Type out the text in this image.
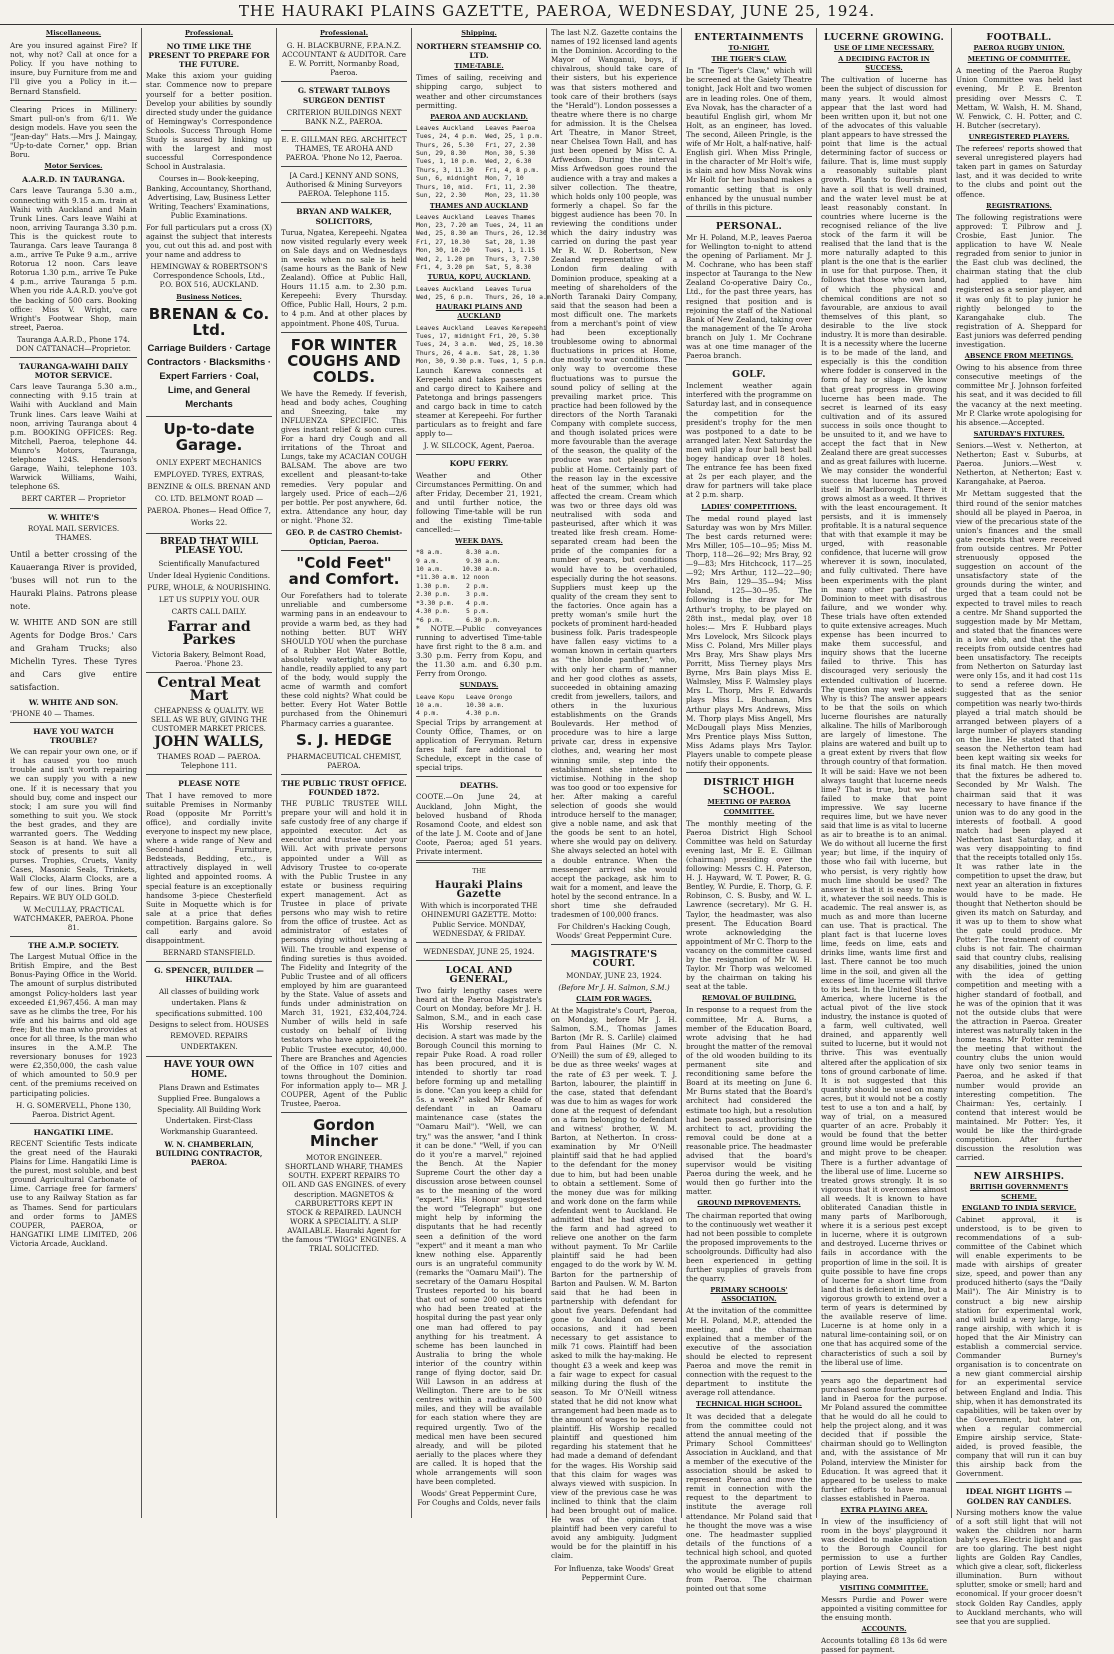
THE HAURAKI PLAINS GAZETTE, PAEROA, WEDNESDAY, JUNE 25, 1924.
Miscellaneous.

Are you insured against Fire? If not, why not? Call at once for a Policy. If you have nothing to insure, buy Furniture from me and I'll give you a Policy in it.—Bernard Stansfield.

Clearing Prices in Millinery: Smart pull-on's from 6/11. We design models. Have you seen the "Jean-day" Hats.—Mrs J. Maingay, "Up-to-date Corner," opp. Brian Boru.

Motor Services.
A.A.R.D. IN TAURANGA.

Cars leave Tauranga 5.30 a.m., connecting with 9.15 a.m. train at Waihi with Auckland and Main Trunk Lines. Cars leave Waihi at noon, arriving Tauranga 3.30 p.m. This is the quickest route to Tauranga. Cars leave Tauranga 8 a.m., arrive Te Puke 9 a.m., arrive Rotorua 12 noon. Cars leave Rotorua 1.30 p.m., arrive Te Puke 4 p.m., arrive Tauranga 5 p.m. When you ride A.A.R.D. you've got the backing of 500 cars. Booking office: Miss V. Wright, care Wright's Footwear Shop, main street, Paeroa.

Tauranga A.A.R.D., Phone 174. DON CATTANACH—Proprietor.

TAURANGA-WAIHI DAILY MOTOR SERVICE.

Cars leave Tauranga 5.30 a.m., connecting with 9.15 train at Waihi with Auckland and Main Trunk lines. Cars leave Waihi at noon, arriving Tauranga about 4 p.m. BOOKING OFFICES: Reg. Mitchell, Paeroa, telephone 44. Munro's Motors, Tauranga, telephone 124S. Henderson's Garage, Waihi, telephone 103. Warwick Williams, Waihi, telephone 6S.

BERT CARTER — Proprietor

W. WHITE'S
ROYAL MAIL SERVICES. THAMES.

Until a better crossing of the Kauaeranga River is provided, 'buses will not run to the Hauraki Plains. Patrons please note.

W. WHITE AND SON are still Agents for Dodge Bros.' Cars and Graham Trucks; also Michelin Tyres. These Tyres and Cars give entire satisfaction.

W. WHITE AND SON.

'PHONE 40 — Thames.

HAVE YOU WATCH TROUBLE?

We can repair your own one, or if it has caused you too much trouble and isn't worth repairing we can supply you with a new one. If it is necessary that you should buy, come and inspect our stock; I am sure you will find something to suit you. We stock the best grades, and they are warranted goers. The Wedding Season is at hand. We have a stock of presents to suit all purses. Trophies, Cruets, Vanity Cases, Masonic Seals, Trinkets, Wall Clocks, Alarm Clocks, are a few of our lines. Bring Your Repairs. WE BUY OLD GOLD.

W. McCULLAY, PRACTICAL WATCHMAKER, PAEROA. Phone 81.

THE A.M.P. SOCIETY.

The Largest Mutual Office in the British Empire, and the Best Bonus-Paying Office in the World. The amount of surplus distributed amongst Policy-holders last year exceeded £1,967,456. A man may save as he climbs the tree, For his wife and his bairns and old age free; But the man who provides at once for all three, Is the man who insures in the A.M.P. The reversionary bonuses for 1923 were £2,350,000, the cash value of which amounted to 50.9 per cent. of the premiums received on participating policies.

H. G. SOMERVELL, Phone 130, Paeroa. District Agent.

HANGATIKI LIME.

RECENT Scientific Tests indicate the great need of the Hauraki Plains for Lime. Hangatiki Lime is the purest, most soluble, and best ground Agricultural Carbonate of Lime. Carriage free for farmers' use to any Railway Station as far as Thames. Send for particulars and order forms to JAMES COUPER, PAEROA, or HANGATIKI LIME LIMITED, 206 Victoria Arcade, Auckland.

Professional.
NO TIME LIKE THE PRESENT TO PREPARE FOR THE FUTURE.

Make this axiom your guiding star. Commence now to prepare yourself for a better position. Develop your abilities by soundly directed study under the guidance of Hemingway's Correspondence Schools. Success Through Home Study is assured by linking up with the largest and most successful Correspondence School in Australasia.

Courses in— Book-keeping, Banking, Accountancy, Shorthand, Advertising, Law, Business Letter Writing, Teachers' Examinations, Public Examinations.

For full particulars put a cross (X) against the subject that interests you, cut out this ad. and post with your name and address to

HEMINGWAY & ROBERTSON'S Correspondence Schools, Ltd., P.O. BOX 516, AUCKLAND.

Business Notices.
BRENAN & Co. Ltd.

Carriage Builders · Cartage Contractors · Blacksmiths · Expert Farriers · Coal, Lime, and General Merchants

Up-to-date Garage.

ONLY EXPERT MECHANICS EMPLOYED. TYRES, EXTRAS, BENZINE & OILS. BRENAN AND CO. LTD. BELMONT ROAD — PAEROA. Phones— Head Office 7, Works 22.

BREAD THAT WILL PLEASE YOU.

Scientifically Manufactured Under Ideal Hygienic Conditions. PURE, WHOLE, & NOURISHING. LET US SUPPLY YOU. OUR CARTS CALL DAILY.

Farrar and Parkes

Victoria Bakery, Belmont Road, Paeroa. 'Phone 23.

Central Meat Mart

CHEAPNESS & QUALITY. WE SELL AS WE BUY, GIVING THE CUSTOMER MARKET PRICES.

JOHN WALLS,

THAMES ROAD — PAEROA. Telephone 111.

PLEASE NOTE

That I have removed to more suitable Premises in Normanby Road (opposite Mr Porritt's office), and cordially invite everyone to inspect my new place, where a wide range of New and Second-hand Furniture, Bedsteads, Bedding, etc., is attractively displayed in well lighted and appointed rooms. A special feature is an exceptionally handsome 3-piece Chesterfield Suite in Moquette which is for sale at a price that defies competition. Bargains galore. So call early and avoid disappointment.

BERNARD STANSFIELD.

G. SPENCER, BUILDER — HIKUTAIA.

All classes of building work undertaken. Plans & specifications submitted. 100 Designs to select from. HOUSES REMOVED. REPAIRS UNDERTAKEN.

HAVE YOUR OWN HOME.

Plans Drawn and Estimates Supplied Free. Bungalows a Speciality. All Building Work Undertaken. First-Class Workmanship Guaranteed.

W. N. CHAMBERLAIN, BUILDING CONTRACTOR, PAEROA.

Professional.

G. H. BLACKBURNE, F.P.A.N.Z. ACCOUNTANT & AUDITOR. Care E. W. Porritt, Normanby Road, Paeroa.

G. STEWART TALBOYS SURGEON DENTIST

CRITERION BUILDINGS NEXT BANK N.Z., PAEROA.

E. E. GILLMAN REG. ARCHITECT THAMES, TE AROHA AND PAEROA. 'Phone No 12, Paeroa.

[A Card.] KENNY AND SONS, Authorised & Mining Surveyors PAEROA. Telephone 115.

BRYAN AND WALKER, SOLICITORS,

Turua, Ngatea, Kerepeehi. Ngatea now visited regularly every week on Sale days and on Wednesdays in weeks when no sale is held (same hours as the Bank of New Zealand). Office at Public Hall, Hours 11.15 a.m. to 2.30 p.m. Kerepeehi: Every Thursday. Office, Public Hall, Hours, 2 p.m. to 4 p.m. And at other places by appointment. Phone 40S, Turua.

FOR WINTER COUGHS AND COLDS.

We have the Remedy. If feverish, head and body aches, Coughing and Sneezing, take my INFLUENZA SPECIFIC. This gives instant relief & soon cures. For a hard dry Cough and all irritations of the Throat and Lungs, take my ACACIAN COUGH BALSAM. The above are two excellent and pleasant-to-take remedies. Very popular and largely used. Price of each—2/6 per bottle. Per post anywhere, 6d. extra. Attendance any hour, day or night. 'Phone 32.

GEO. P. de CASTRO Chemist-Optician, Paeroa.

"Cold Feet" and Comfort.

Our Forefathers had to tolerate unreliable and cumbersome warming pans in an endeavour to provide a warm bed, as they had nothing better. BUT WHY SHOULD YOU when the purchase of a Rubber Hot Water Bottle, absolutely watertight, easy to handle, readily applied to any part of the body, would supply the acme of warmth and comfort these cold nights? What could be better. Every Hot Water Bottle purchased from the Ohinemuri Pharmacy carries a guarantee.

S. J. HEDGE

PHARMACEUTICAL CHEMIST, PAEROA.

THE PUBLIC TRUST OFFICE. FOUNDED 1872.

THE PUBLIC TRUSTEE WILL prepare your will and hold it in safe custody free of any charge if appointed executor. Act as executor and trustee under your Will. Act with private persons appointed under a Will as Advisory Trustee to co-operate with the Public Trustee in any estate or business requiring expert management. Act as Trustee in place of private persons who may wish to retire from the office of trustee. Act as administrator of estates of persons dying without leaving a Will. The trouble and expense of finding sureties is thus avoided. The Fidelity and Integrity of the Public Trustee and of all officers employed by him are guaranteed by the State. Value of assets and funds under administration on March 31, 1921, £32,404,724. Number of wills held in safe custody on behalf of living testators who have appointed the Public Trustee executor, 40,000. There are Branches and Agencies of the Office in 107 cities and towns throughout the Dominion. For information apply to— MR J. COUPER, Agent of the Public Trustee, Paeroa.

Gordon Mincher

MOTOR ENGINEER. SHORTLAND WHARF, THAMES SOUTH. EXPERT REPAIRS TO OIL AND GAS ENGINES. of every description. MAGNETOS & CARBURETTORS KEPT IN STOCK & REPAIRED. LAUNCH WORK A SPECIALITY. A SLIP AVAILABLE. Hauraki Agent for the famous "TWIGG" ENGINES. A TRIAL SOLICITED.

Shipping.
NORTHERN STEAMSHIP CO. LTD.
TIME-TABLE.

Times of sailing, receiving and shipping cargo, subject to weather and other circumstances permitting.

PAEROA AND AUCKLAND.
Leaves Auckland   Leaves Paeroa
Tues, 24, 4 p.m.  Wed, 25, 1 p.m.
Thurs, 26, 5.30   Fri, 27, 2.30
Sun, 29, 8.30     Mon, 30, 5.30
Tues, 1, 10 p.m.  Wed, 2, 6.30
Thurs, 3, 11.30   Fri, 4, 8 p.m.
Sun, 6, midnight  Mon, 7, 10
Thurs, 10, mid.   Fri, 11, 2.30
Sun, 22, 2.30     Mon, 23, 11.30
THAMES AND AUCKLAND
Leaves Auckland   Leaves Thames
Mon, 23, 7.20 am  Tues, 24, 11 am
Wed, 25, 8.30 am  Thurs, 26, 12.30
Fri, 27, 10.30    Sat, 28, 1.30
Mon, 30, 10.20    Tues, 1, 1.15
Wed, 2, 1.20 pm   Thurs, 3, 7.30
Fri, 4, 3.20 pm   Sat, 5, 8.30
TURUA, KOPU, AUCKLAND.
Leaves Auckland   Leaves Turua
Wed, 25, 6 p.m.   Thurs, 26, 10 a.m.
HAURAKI PLAINS AND AUCKLAND
Leaves Auckland   Leaves Kerepeehi
Tues, 17, midnight Fri, 20, 5.30
Tues, 24, 3 a.m.   Wed, 25, 10.30
Thurs, 26, 4 a.m.  Sat, 28, 1.30
Mon, 30, 9.30 p.m. Tues, 1, 5 p.m.

Launch Karewa connects at Kerepeehi and takes passengers and cargo direct to Kaihere and Patetonga and brings passengers and cargo back in time to catch steamer at Kerepeehi. For further particulars as to freight and fare apply to—

J. W. SILCOCK, Agent, Paeroa.

KOPU FERRY.

Weather and Other Circumstances Permitting. On and after Friday, December 21, 1921, and until further notice, the following Time-table will be run and the existing Time-table cancelled:—

WEEK DAYS.
*8 a.m.      8.30 a.m.
9 a.m.       9.30 a.m.
10 a.m.     10.30 a.m.
*11.30 a.m. 12 noon
1.30 p.m.    2 p.m.
2.30 p.m.    3 p.m.
*3.30 p.m.   4 p.m.
4.30 p.m.    5 p.m.
*6 p.m.      6.30 p.m.

* NOTE.—Public conveyances running to advertised Time-table have first right to the 8 a.m. and 3.30 p.m. Ferry from Kopu, and the 11.30 a.m. and 6.30 p.m. Ferry from Orongo.

SUNDAYS.
Leave Kopu   Leave Orongo
10 a.m.      10.30 a.m.
4 p.m.       4.30 p.m.

Special Trips by arrangement at County Office, Thames, or on application of Ferryman. Return fares half fare additional to Schedule, except in the case of special trips.

DEATHS.

COOTE.—On June 24, at Auckland, John Might, the beloved husband of Rhoda Rosamond Coote, and eldest son of the late J. M. Coote and of Jane Coote, Paeroa; aged 51 years. Private interment.

THE
Hauraki Plains Gazette

With which is incorporated THE OHINEMURI GAZETTE. Motto: Public Service. MONDAY, WEDNESDAY, & FRIDAY.

WEDNESDAY, JUNE 25, 1924.

LOCAL AND GENERAL,

Two fairly lengthy cases were heard at the Paeroa Magistrate's Court on Monday, before Mr J. H. Salmon, S.M., and in each case His Worship reserved his decision. A start was made by the Borough Council this morning to repair Puke Road. A road roller has been procured, and it is intended to shortly tar road before forming up and metalling is done. "Can you keep a child for 5s. a week?" asked Mr Reade of defendant in an Oamaru maintenance case (states the "Oamaru Mail"). "Well, we can try," was the answer, "and I think it can be done." "Well, if you can do it you're a marvel," rejoined the Bench. At the Napier Supreme Court the other day a discussion arose between counsel as to the meaning of the word "expert." His Honour suggested the word "Telegraph" but one might help by informing the disputants that he had recently seen a definition of the word "expert" and it meant a man who knew nothing else. Apparently ours is an ungrateful community (remarks the "Oamaru Mail"). The secretary of the Oamaru Hospital Trustees reported to his board that out of some 200 outpatients who had been treated at the hospital during the past year only one man had offered to pay anything for his treatment. A scheme has been launched in Australia to bring the whole interior of the country within range of flying doctor, said Dr. Will Lawson in an address at Wellington. There are to be six centres within a radius of 500 miles, and they will be available for each station where they are required urgently. Two of the medical men have been secured already, and will be piloted aerially to the places where they are called. It is hoped that the whole arrangements will soon have been completed.

Woods' Great Peppermint Cure, For Coughs and Colds, never fails

The last N.Z. Gazette contains the names of 192 licensed land agents in the Dominion. According to the Mayor of Wanganui, boys, if chivalrous, should take care of their sisters, but his experience was that sisters mothered and took care of their brothers (says the "Herald"). London possesses a theatre where there is no charge for admission. It is the Chelsea Art Theatre, in Manor Street, near Chelsea Town Hall, and has just been opened by Miss C. A. Arfwedson. During the interval Miss Arfwedson goes round the audience with a tray and makes a silver collection. The theatre, which holds only 100 people, was formerly a chapel. So far the biggest audience has been 70. In reviewing the conditions under which the dairy industry was carried on during the past year Mr R. W. D. Robertson, New Zealand representative of a London firm dealing with Dominion produce, speaking at a meeting of shareholders of the North Taranaki Dairy Company, said that the season had been a most difficult one. The markets from a merchant's point of view had been exceptionally troublesome owing to abnormal fluctuations in prices at Home, due mostly to war conditions. The only way to overcome these fluctuations was to pursue the sound policy of selling at the prevailing market price. This practice had been followed by the directors of the North Taranaki Company with complete success, and though isolated prices were more favourable than the average of the season, the quality of the produce was not pleasing the public at Home. Certainly part of the reason lay in the excessive heat of the summer, which had affected the cream. Cream which was two or three days old was neutralised with soda and pasteurised, after which it was treated like fresh cream. Home-separated cream had been the pride of the companies for a number of years, but conditions would have to be overhauled, especially during the hot seasons. Suppliers must keep up the quality of the cream they sent to the factories. Once again has a pretty woman's smile hurt the pockets of prominent hard-headed business folk. Paris tradespeople have fallen easy victims to a woman known in certain quarters as "the blonde panther," who, with only her charm of manner and her good clothes as assets, succeeded in obtaining amazing credit from jewellers, tailors, and others in the luxurious establishments on the Grands Boulevards. Her method of procedure was to hire a large private car, dress in expensive clothes, and, wearing her most winning smile, step into the establishment she intended to victimise. Nothing in the shop was too good or too expensive for her. After making a careful selection of goods she would introduce herself to the manager, give a noble name, and ask that the goods be sent to an hotel, where she would pay on delivery. She always selected an hotel with a double entrance. When the messenger arrived she would accept the package, ask him to wait for a moment, and leave the hotel by the second entrance. In a short time she defrauded tradesmen of 100,000 francs.

For Children's Hacking Cough, Woods' Great Peppermint Cure.

MAGISTRATE'S COURT.

MONDAY, JUNE 23, 1924.

(Before Mr J. H. Salmon, S.M.)

CLAIM FOR WAGES.

At the Magistrate's Court, Paeroa, on Monday, before Mr J. H. Salmon, S.M., Thomas James Barton (Mr R. S. Carlile) claimed from Paul Haines (Mr C. N. O'Neill) the sum of £9, alleged to be due as three weeks' wages at the rate of £3 per week. T. J. Barton, labourer, the plaintiff in the case, stated that defendant was due to him as wages for work done at the request of defendant on a farm belonging to defendant and witness' brother, W. M. Barton, at Netherton. In cross-examination by Mr O'Neill plaintiff said that he had applied to the defendant for the money due to him, but had been unable to obtain a settlement. Some of the money due was for milking and work done on the farm while defendant went to Auckland. He admitted that he had stayed on the farm and had agreed to relieve one another on the farm without payment. To Mr Carlile plaintiff said he had been engaged to do the work by W. M. Barton for the partnership of Barton and Paulsen. W. M. Barton said that he had been in partnership with defendant for about five years. Defendant had gone to Auckland on several occasions, and it had been necessary to get assistance to milk 71 cows. Plaintiff had been asked to milk the hay-making. He thought £3 a week and keep was a fair wage to expect for casual milking during the flush of the season. To Mr O'Neill witness stated that he did not know what arrangement had been made as to the amount of wages to be paid to plaintiff. His Worship recalled plaintiff and questioned him regarding his statement that he had made a demand of defendant for the wages. His Worship said that this claim for wages was always viewed with suspicion. In view of the previous case he was inclined to think that the claim had been brought out of malice. He was of the opinion that plaintiff had been very careful to avoid any ambiguity. Judgment would be for the plaintiff in his claim.

For Influenza, take Woods' Great Peppermint Cure.

ENTERTAINMENTS
TO-NIGHT.
THE TIGER'S CLAW.

In "The Tiger's Claw," which will be screened at the Gaiety Theatre tonight, Jack Holt and two women are in leading roles. One of them, Eva Novak, has the character of a beautiful English girl, whom Mr Holt, as an engineer, has loved. The second, Aileen Pringle, is the wife of Mr Holt, a half-native, half-English girl. When Miss Pringle, in the character of Mr Holt's wife, is slain and how Miss Novak wins Mr Holt for her husband makes a romantic setting that is only enhanced by the unusual number of thrills in this picture.

PERSONAL.

Mr H. Poland, M.P., leaves Paeroa for Wellington to-night to attend the opening of Parliament. Mr J. M. Cochrane, who has been staff inspector at Tauranga to the New Zealand Co-operative Dairy Co., Ltd., for the past three years, has resigned that position and is rejoining the staff of the National Bank of New Zealand, taking over the management of the Te Aroha branch on July 1. Mr Cochrane was at one time manager of the Paeroa branch.

GOLF.

Inclement weather again interfered with the programme on Saturday last, and in consequence the competition for the president's trophy for the men was postponed to a date to be arranged later. Next Saturday the men will play a four ball best ball bogey handicap over 18 holes. The entrance fee has been fixed at 2s per each player, and the draw for partners will take place at 2 p.m. sharp.

LADIES' COMPETITIONS.

The medal round played last Saturday was won by Mrs Miller. The best cards returned were: Mrs Miller, 105—10—95; Miss M. Thorp, 118—26—92; Mrs Bray, 92—9—83; Mrs Hitchcock, 117—25—92; Mrs Arthur, 112—22—90; Mrs Bain, 129—35—94; Miss Poland, 125—30—95. The following is the draw for Mr Arthur's trophy, to be played on 28th inst., medal play, over 18 holes:— Mrs F. Hubbard plays Mrs Lovelock, Mrs Silcock plays Miss C. Poland, Mrs Miller plays Mrs Bray, Mrs Shaw plays Mrs Porritt, Miss Tierney plays Mrs Byrne, Mrs Bain plays Miss E. Walmsley, Miss F. Walmsley plays Mrs L. Thorp, Mrs F. Edwards plays Miss L. Buchanan, Mrs Arthur plays Mrs Andrews, Miss M. Thorp plays Miss Angell, Mrs McDougall plays Miss Menzies, Mrs Prentice plays Miss Sutton, Miss Adams plays Mrs Taylor. Players unable to compete please notify their opponents.

DISTRICT HIGH SCHOOL.
MEETING OF PAEROA COMMITTEE.

The monthly meeting of the Paeroa District High School Committee was held on Saturday evening last, Mr E. E. Gillman (chairman) presiding over the following: Messrs C. H. Paterson, H. J. Hayward, W. T. Power, R. G. Bentley, W. Purdie, E. Thorp, G. F. Robinson, C. S. Busby, and W. L. Lawrence (secretary). Mr G. H. Taylor, the headmaster, was also present. The Education Board wrote acknowledging the appointment of Mr C. Thorp to the vacancy on the committee caused by the resignation of Mr W. H. Taylor. Mr Thorp was welcomed by the chairman on taking his seat at the table.

REMOVAL OF BUILDING.

In response to a request from the committee, Mr A. Burns, a member of the Education Board, wrote advising that he had brought the matter of the removal of the old wooden building to its permanent site and reconditioning same before the Board at its meeting on June 6. Mr Burns stated that the Board's architect had considered the estimate too high, but a resolution had been passed authorising the architect to act, providing the removal could be done at a reasonable price. The headmaster advised that the board's supervisor would be visiting Paeroa during the week, and he would then go further into the matter.

GROUND IMPROVEMENTS.

The chairman reported that owing to the continuously wet weather it had not been possible to complete the proposed improvements to the schoolgrounds. Difficulty had also been experienced in getting further supplies of gravels from the quarry.

PRIMARY SCHOOLS' ASSOCIATION.

At the invitation of the committee Mr H. Poland, M.P., attended the meeting, and the chairman explained that a member of the executive of the association should be elected to represent Paeroa and move the remit in connection with the request to the department to institute the average roll attendance.

TECHNICAL HIGH SCHOOL.

It was decided that a delegate from the committee could not attend the annual meeting of the Primary School Committees' Association in Auckland, and that a member of the executive of the association should be asked to represent Paeroa and move the remit in connection with the request to the department to institute the average roll attendance. Mr Poland said that he thought the move was a wise one. The headmaster supplied details of the functions of a technical high school, and quoted the approximate number of pupils who would be eligible to attend from Paeroa. The chairman pointed out that some

LUCERNE GROWING.
USE OF LIME NECESSARY.
A DECIDING FACTOR IN SUCCESS.

The cultivation of lucerne has been the subject of discussion for many years. It would almost appear that the last word had been written upon it, but not one of the advocates of this valuable plant appears to have stressed the point that lime is the actual determining factor of success or failure. That is, lime must supply a reasonably suitable plant growth. Plants to flourish must have a soil that is well drained, and the water level must be at least reasonably constant. In countries where lucerne is the recognised reliance of the live stock of the farm it will be realised that the land that is the more naturally adapted to this plant is the one that is the earlier in use for that purpose. Then, it follows that those who own land, of which the physical and chemical conditions are not so favourable, are anxious to avail themselves of this plant, so desirable to the live stock industry. It is more than desirable. It is a necessity where the lucerne is to be made of the land, and especially is this the condition where fodder is conserved in the form of hay or silage. We know that great progress in growing lucerne has been made. The secret is learned of its easy cultivation and of its assured success in soils once thought to be unsuited to it, and we have to accept the fact that in New Zealand there are great successes and as great failures with lucerne. We may consider the wonderful success that lucerne has proved itself in Marlborough. There it grows almost as a weed. It thrives with the least encouragement. It persists, and it is immensely profitable. It is a natural sequence that with that example it may be urged, with reasonable confidence, that lucerne will grow wherever it is sown, inoculated, and fully cultivated. There have been experiments with the plant in many other parts of the Dominion to meet with disastrous failure, and we wonder why. These trials have often extended to quite extensive acreages. Much expense has been incurred to make them successful, and inquiry shows that the lucerne failed to thrive. This has discouraged very seriously the extended cultivation of lucerne. The question may well be asked: Why is this? The answer appears to be that the soils on which lucerne flourishes are naturally alkaline. The hills of Marlborough are largely of limestone. The plains are watered and built up to a great extent by rivers that flow through country of that formation. It will be said: Have we not been always taught that lucerne needs lime? That is true, but we have failed to make that point impressive. We say lucerne requires lime, but we have never said that lime is as vital to lucerne as air to breathe is to an animal. We do without all lucerne the first year; but lime, if the inquiry of those who fail with lucerne, but who persist, is very rightly how much lime should be used? The answer is that it is easy to make it, whatever the soil needs. This is academic. The real answer is, as much as and more than lucerne can use. That is practical. The plant fact is that lucerne loves lime, feeds on lime, eats and drinks lime, wants lime first and last. There cannot be too much lime in the soil, and given all the excess of lime lucerne will thrive to its best. In the United States of America, where lucerne is the actual pivot of the live stock industry, the instance is quoted of a farm, well cultivated, well drained, and apparently well suited to lucerne, but it would not thrive. This was eventually altered after the application of six tons of ground carbonate of lime. It is not suggested that this quantity should be used on many acres, but it would not be a costly test to use a ton and a half, by way of trial, on a measured quarter of an acre. Probably it would be found that the better ground lime would be preferable and might prove to be cheaper. There is a further advantage of the liberal use of lime. Lucerne so treated grows strongly. It is so vigorous that it overcomes almost all weeds. It is known to have obliterated Canadian thistle in many parts of Marlborough, where it is a serious pest except in lucerne, where it is outgrown and destroyed. Lucerne thrives or fails in accordance with the proportion of lime in the soil. It is quite possible to have fine crops of lucerne for a short time from land that is deficient in lime, but a vigorous growth to extend over a term of years is determined by the available reserve of lime. Lucerne is at home only in a natural lime-containing soil, or on one that has acquired some of the characteristics of such a soil by the liberal use of lime.

years ago the department had purchased some fourteen acres of land in Paeroa for the purpose. Mr Poland assured the committee that he would do all he could to help the project along, and it was decided that if possible the chairman should go to Wellington and, with the assistance of Mr Poland, interview the Minister for Education. It was agreed that it appeared to be useless to make further efforts to have manual classes established in Paeroa.

EXTRA PLAYING AREA.

In view of the insufficiency of room in the boys' playground it was decided to make application to the Borough Council for permission to use a further portion of Lewis Street as a playing area.

VISITING COMMITTEE.

Messrs Purdie and Power were appointed a visiting committee for the ensuing month.

ACCOUNTS.

Accounts totalling £8 13s 6d were passed for payment.

FOOTBALL.
PAEROA RUGBY UNION.
MEETING OF COMMITTEE.

A meeting of the Paeroa Rugby Union Committee was held last evening, Mr P. E. Brenton presiding over Messrs C. T. Mettam, W. Walsh, H. M. Shand, W. Fenwick, C. H. Potter, and C. H. Butcher (secretary).

UNREGISTERED PLAYERS.

The referees' reports showed that several unregistered players had taken part in games on Saturday last, and it was decided to write to the clubs and point out the offence.

REGISTRATIONS.

The following registrations were approved: T. Pilbrow and J. Crosbie, East Junior. The application to have W. Neale regraded from senior to junior in the East club was declined, the chairman stating that the club had applied to have him registered as a senior player, and it was only fit to play junior he rightly belonged to the Karangahake club. The registration of A. Sheppard for East juniors was deferred pending investigation.

ABSENCE FROM MEETINGS.

Owing to his absence from three consecutive meetings of the committee Mr J. Johnson forfeited his seat, and it was decided to fill the vacancy at the next meeting. Mr P. Clarke wrote apologising for his absence.—Accepted.

SATURDAY'S FIXTURES.

Seniors.—West v. Netherton, at Netherton; East v. Suburbs, at Paeroa. Juniors.—West v. Netherton, at Netherton; East v. Karangahake, at Paeroa.

Mr Mettam suggested that the third round of the senior matches should all be played in Paeroa, in view of the precarious state of the union's finances and the small gate receipts that were received from outside centres. Mr Potter strenuously opposed the suggestion on account of the unsatisfactory state of the grounds during the winter, and urged that a team could not be expected to travel miles to reach a centre. Mr Shand supported the suggestion made by Mr Mettam, and stated that the finances were in a low ebb, and that the gate receipts from outside centres had been unsatisfactory. The receipts from Netherton on Saturday last were only 15s, and it had cost 11s to send a referee down. He suggested that as the senior competition was nearly two-thirds played a trial match should be arranged between players of a large number of players standing on the line. He stated that last season the Netherton team had been kept waiting six weeks for its final match. He then moved that the fixtures be adhered to. Seconded by Mr Walsh. The chairman said that it was necessary to have finance if the union was to do any good in the interests of football. A good match had been played at Netherton last Saturday, and it was very disappointing to find that the receipts totalled only 15s. It was rather late in the competition to upset the draw, but next year an alteration in fixtures would have to be made. He thought that Netherton should be given its match on Saturday, and it was up to them to show what the gate could produce. Mr Potter: The treatment of country clubs is not fair. The chairman said that country clubs, realising any disabilities, joined the union with the idea of getting competition and meeting with a higher standard of football, and he was of the opinion that it was not the outside clubs that were the attraction in Paeroa. Greater interest was naturally taken in the home teams. Mr Potter reminded the meeting that without the country clubs the union would have only two senior teams in Paeroa, and he asked if that number would provide an interesting competition. The Chairman: Yes, certainly. I contend that interest would be maintained. Mr Potter: Yes, it would be like the third-grade competition. After further discussion the resolution was carried.

NEW AIRSHIPS.
BRITISH GOVERNMENT'S SCHEME.
ENGLAND TO INDIA SERVICE.

Cabinet approval, it is understood, is to be given to recommendations of a sub-committee of the Cabinet which will enable experiments to be made with airships of greater size, speed, and power than any produced hitherto (says the "Daily Mail"). The Air Ministry is to construct a big new airship station for experimental work, and will build a very large, long-range airship, with which it is hoped that the Air Ministry can establish a commercial service. Commander Burney's organisation is to concentrate on a new giant commercial airship for an experimental service between England and India. This ship, when it has demonstrated its capabilities, will be taken over by the Government, but later on, when a regular commercial Empire airship service, State-aided, is proved feasible, the company that will run it can buy this airship back from the Government.

IDEAL NIGHT LIGHTS — GOLDEN RAY CANDLES.

Nursing mothers know the value of a soft still light that will not waken the children nor harm baby's eyes. Electric light and gas are too glaring. The best night lights are Golden Ray Candles, which give a clear, soft, flickerless illumination. Burn without splutter, smoke or smell; hard and economical. If your grocer doesn't stock Golden Ray Candles, apply to Auckland merchants, who will see that you are supplied.
